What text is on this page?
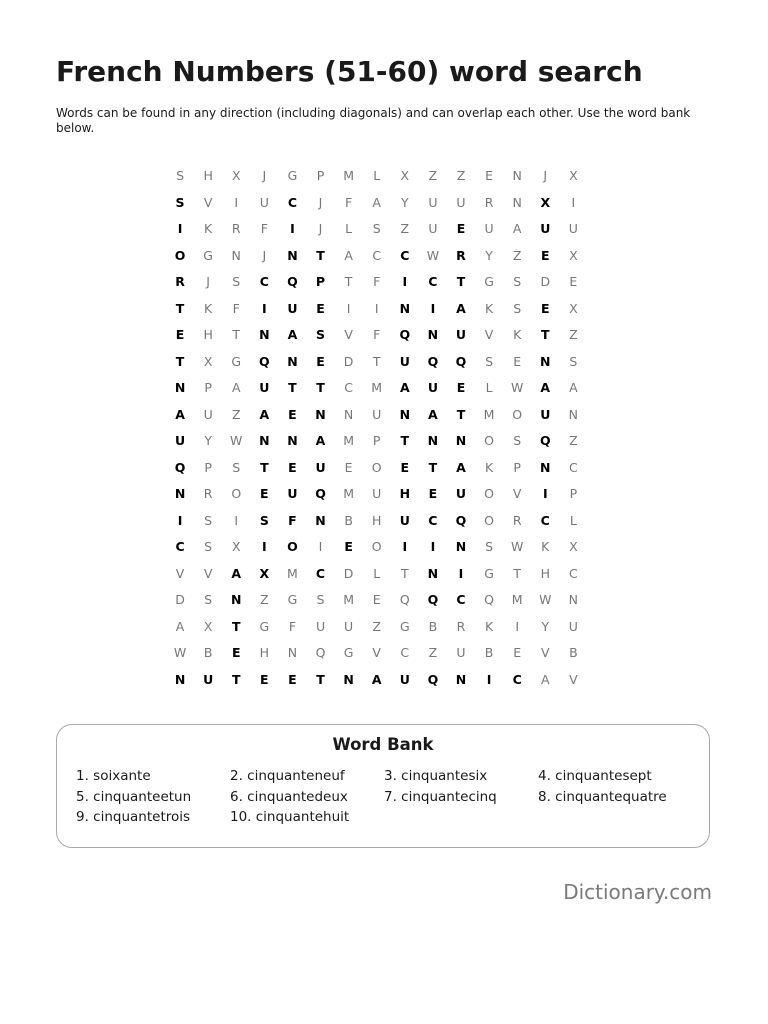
French Numbers (51-60) word search

Words can be found in any direction (including diagonals) and can overlap each other. Use the word bank below.

S	H	X	J	G	P	M	L	X	Z	Z	E	N	J	X
S	V	I	U	C	J	F	A	Y	U	U	R	N	X	I
I	K	R	F	I	J	L	S	Z	U	E	U	A	U	U
O	G	N	J	N	T	A	C	C	W	R	Y	Z	E	X
R	J	S	C	Q	P	T	F	I	C	T	G	S	D	E
T	K	F	I	U	E	I	I	N	I	A	K	S	E	X
E	H	T	N	A	S	V	F	Q	N	U	V	K	T	Z
T	X	G	Q	N	E	D	T	U	Q	Q	S	E	N	S
N	P	A	U	T	T	C	M	A	U	E	L	W	A	A
A	U	Z	A	E	N	N	U	N	A	T	M	O	U	N
U	Y	W	N	N	A	M	P	T	N	N	O	S	Q	Z
Q	P	S	T	E	U	E	O	E	T	A	K	P	N	C
N	R	O	E	U	Q	M	U	H	E	U	O	V	I	P
I	S	I	S	F	N	B	H	U	C	Q	O	R	C	L
C	S	X	I	O	I	E	O	I	I	N	S	W	K	X
V	V	A	X	M	C	D	L	T	N	I	G	T	H	C
D	S	N	Z	G	S	M	E	Q	Q	C	Q	M	W	N
A	X	T	G	F	U	U	Z	G	B	R	K	I	Y	U
W	B	E	H	N	Q	G	V	C	Z	U	B	E	V	B
N	U	T	E	E	T	N	A	U	Q	N	I	C	A	V
Word Bank
1. soixante	2. cinquanteneuf	3. cinquantesix	4. cinquantesept
5. cinquanteetun	6. cinquantedeux	7. cinquantecinq	8. cinquantequatre
9. cinquantetrois	10. cinquantehuit
Dictionary.com
